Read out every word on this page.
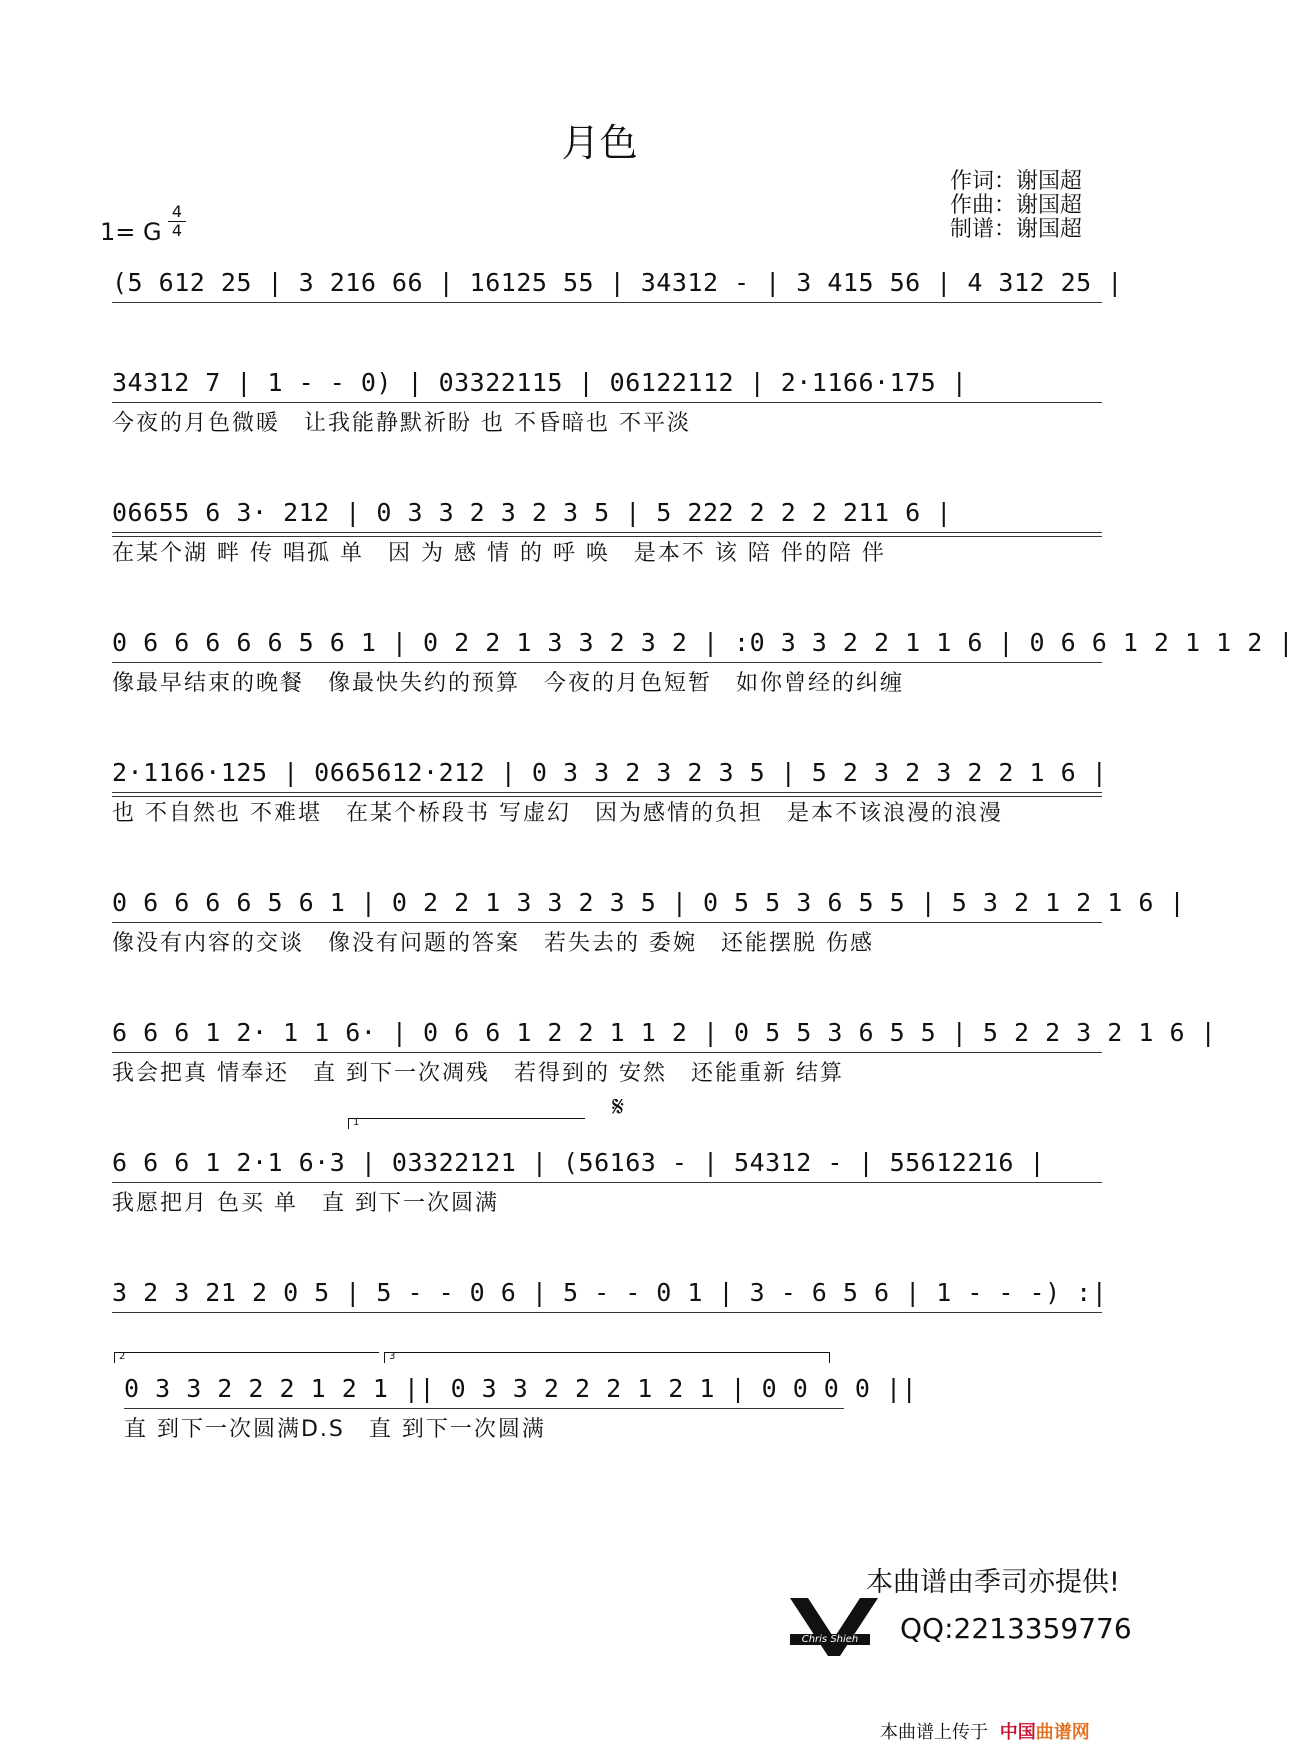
月色
作词：谢国超
作曲：谢国超
制谱：谢国超
1= G
4
4
(5 612 25 | 3 216 66 | 16125 55 | 34312 - | 3 415 56 | 4 312 25 |
34312 7 | 1 - - 0) | 03322115 | 06122112 | 2·1166·175 |
今夜的月色微暖　让我能静默祈盼 也 不昏暗也 不平淡
06655 6 3· 212 | 0 3 3 2 3 2 3 5 | 5 222 2 2 2 211 6 |
在某个湖 畔 传 唱孤 单　因 为 感 情 的 呼 唤　是本不 该 陪 伴的陪 伴
0 6 6 6 6 6 5 6 1 | 0 2 2 1 3 3 2 3 2 | :0 3 3 2 2 1 1 6 | 0 6 6 1 2 1 1 2 |
像最早结束的晚餐　像最快失约的预算　今夜的月色短暂　如你曾经的纠缠
2·1166·125 | 0665612·212 | 0 3 3 2 3 2 3 5 | 5 2 3 2 3 2 2 1 6 |
也 不自然也 不难堪　在某个桥段书 写虚幻　因为感情的负担　是本不该浪漫的浪漫
0 6 6 6 6 5 6 1 | 0 2 2 1 3 3 2 3 5 | 0 5 5 3 6 5 5 | 5 3 2 1 2 1 6 |
像没有内容的交谈　像没有问题的答案　若失去的 委婉　还能摆脱 伤感
𝄋
6 6 6 1 2· 1 1 6· | 0 6 6 1 2 2 1 1 2 | 0 5 5 3 6 5 5 | 5 2 2 3 2 1 6 |
我会把真 情奉还　直 到下一次凋残　若得到的 安然　还能重新 结算
1
6 6 6 1 2·1 6·3 | 03322121 | (56163 - | 54312 - | 55612216 |
我愿把月 色买 单　直 到下一次圆满
3 2 3 21 2 0 5 | 5 - - 0 6 | 5 - - 0 1 | 3 - 6 5 6 | 1 - - -) :|
2	3
0 3 3 2 2 2 1 2 1 || 0 3 3 2 2 2 1 2 1 | 0 0 0 0 ||
直 到下一次圆满D.S　直 到下一次圆满
本曲谱由季司亦提供!
Chris Shieh	QQ:2213359776
本曲谱上传于 中国曲谱网
